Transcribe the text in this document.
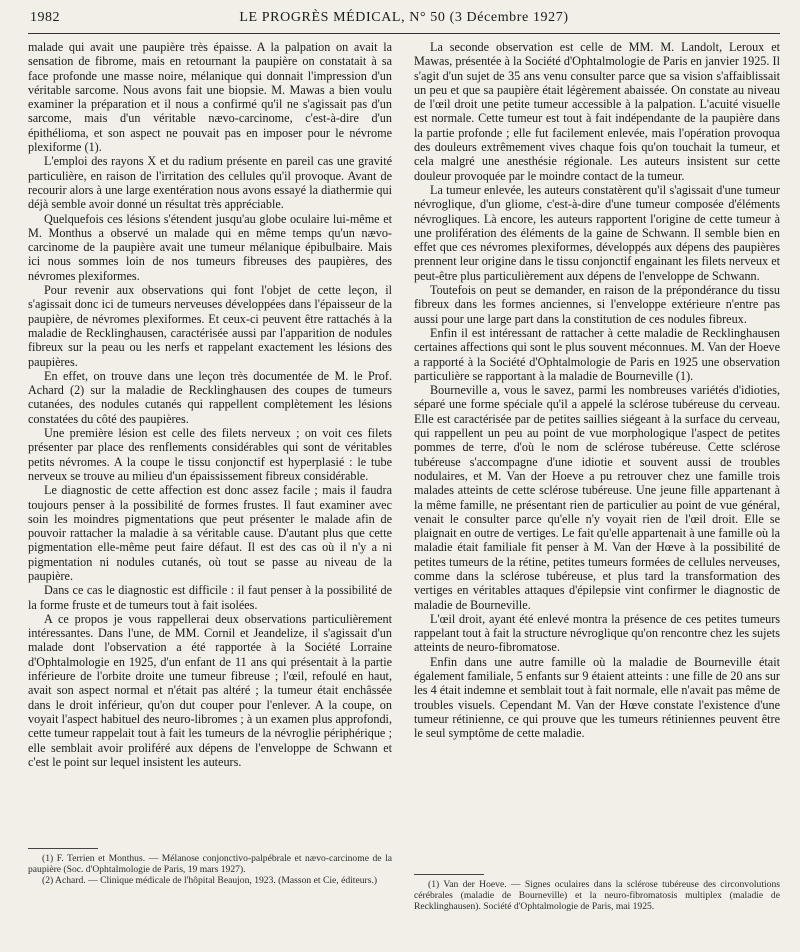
1982	LE PROGRÈS MÉDICAL, N° 50 (3 Décembre 1927)

malade qui avait une paupière très épaisse. A la palpation on avait la sensation de fibrome, mais en retournant la paupière on constatait à sa face profonde une masse noire, mélanique qui donnait l'impression d'un véritable sarcome. Nous avons fait une biopsie. M. Mawas a bien voulu examiner la préparation et il nous a confirmé qu'il ne s'agissait pas d'un sarcome, mais d'un véritable nævo-carcinome, c'est-à-dire d'un épithélioma, et son aspect ne pouvait pas en imposer pour le névrome plexiforme (1).

L'emploi des rayons X et du radium présente en pareil cas une gravité particulière, en raison de l'irritation des cellules qu'il provoque. Avant de recourir alors à une large exentération nous avons essayé la diathermie qui déjà semble avoir donné un résultat très appréciable.

Quelquefois ces lésions s'étendent jusqu'au globe oculaire lui-même et M. Monthus a observé un malade qui en même temps qu'un nævo-carcinome de la paupière avait une tumeur mélanique épibulbaire. Mais ici nous sommes loin de nos tumeurs fibreuses des paupières, des névromes plexiformes.

Pour revenir aux observations qui font l'objet de cette leçon, il s'agissait donc ici de tumeurs nerveuses développées dans l'épaisseur de la paupière, de névromes plexiformes. Et ceux-ci peuvent être rattachés à la maladie de Recklinghausen, caractérisée aussi par l'apparition de nodules fibreux sur la peau ou les nerfs et rappelant exactement les lésions des paupières.

En effet, on trouve dans une leçon très documentée de M. le Prof. Achard (2) sur la maladie de Recklinghausen des coupes de tumeurs cutanées, des nodules cutanés qui rappellent complètement les lésions constatées du côté des paupières.

Une première lésion est celle des filets nerveux ; on voit ces filets présenter par place des renflements considérables qui sont de véritables petits névromes. A la coupe le tissu conjonctif est hyperplasié : le tube nerveux se trouve au milieu d'un épaississement fibreux considérable.

Le diagnostic de cette affection est donc assez facile ; mais il faudra toujours penser à la possibilité de formes frustes. Il faut examiner avec soin les moindres pigmentations que peut présenter le malade afin de pouvoir rattacher la maladie à sa véritable cause. D'autant plus que cette pigmentation elle-même peut faire défaut. Il est des cas où il n'y a ni pigmentation ni nodules cutanés, où tout se passe au niveau de la paupière.

Dans ce cas le diagnostic est difficile : il faut penser à la possibilité de la forme fruste et de tumeurs tout à fait isolées.

A ce propos je vous rappellerai deux observations particulièrement intéressantes. Dans l'une, de MM. Cornil et Jeandelize, il s'agissait d'un malade dont l'observation a été rapportée à la Société Lorraine d'Ophtalmologie en 1925, d'un enfant de 11 ans qui présentait à la partie inférieure de l'orbite droite une tumeur fibreuse ; l'œil, refoulé en haut, avait son aspect normal et n'était pas altéré ; la tumeur était enchâssée dans le droit inférieur, qu'on dut couper pour l'enlever. A la coupe, on voyait l'aspect habituel des neuro-libromes ; à un examen plus approfondi, cette tumeur rappelait tout à fait les tumeurs de la névroglie périphérique ; elle semblait avoir proliféré aux dépens de l'enveloppe de Schwann et c'est le point sur lequel insistent les auteurs.

La seconde observation est celle de MM. M. Landolt, Leroux et Mawas, présentée à la Société d'Ophtalmologie de Paris en janvier 1925. Il s'agit d'un sujet de 35 ans venu consulter parce que sa vision s'affaiblissait un peu et que sa paupière était légèrement abaissée. On constate au niveau de l'œil droit une petite tumeur accessible à la palpation. L'acuité visuelle est normale. Cette tumeur est tout à fait indépendante de la paupière dans la partie profonde ; elle fut facilement enlevée, mais l'opération provoqua des douleurs extrêmement vives chaque fois qu'on touchait la tumeur, et cela malgré une anesthésie régionale. Les auteurs insistent sur cette douleur provoquée par le moindre contact de la tumeur.

La tumeur enlevée, les auteurs constatèrent qu'il s'agissait d'une tumeur névroglique, d'un gliome, c'est-à-dire d'une tumeur composée d'éléments névrogliques. Là encore, les auteurs rapportent l'origine de cette tumeur à une prolifération des éléments de la gaine de Schwann. Il semble bien en effet que ces névromes plexiformes, développés aux dépens des paupières prennent leur origine dans le tissu conjonctif engainant les filets nerveux et peut-être plus particulièrement aux dépens de l'enveloppe de Schwann.

Toutefois on peut se demander, en raison de la prépondérance du tissu fibreux dans les formes anciennes, si l'enveloppe extérieure n'entre pas aussi pour une large part dans la constitution de ces nodules fibreux.

Enfin il est intéressant de rattacher à cette maladie de Recklinghausen certaines affections qui sont le plus souvent méconnues. M. Van der Hoeve a rapporté à la Société d'Ophtalmologie de Paris en 1925 une observation particulière se rapportant à la maladie de Bourneville (1).

Bourneville a, vous le savez, parmi les nombreuses variétés d'idioties, séparé une forme spéciale qu'il a appelé la sclérose tubéreuse du cerveau. Elle est caractérisée par de petites saillies siégeant à la surface du cerveau, qui rappellent un peu au point de vue morphologique l'aspect de petites pommes de terre, d'où le nom de sclérose tubéreuse. Cette sclérose tubéreuse s'accompagne d'une idiotie et souvent aussi de troubles nodulaires, et M. Van der Hoeve a pu retrouver chez une famille trois malades atteints de cette sclérose tubéreuse. Une jeune fille appartenant à la même famille, ne présentant rien de particulier au point de vue général, venait le consulter parce qu'elle n'y voyait rien de l'œil droit. Elle se plaignait en outre de vertiges. Le fait qu'elle appartenait à une famille où la maladie était familiale fit penser à M. Van der Hœve à la possibilité de petites tumeurs de la rétine, petites tumeurs formées de cellules nerveuses, comme dans la sclérose tubéreuse, et plus tard la transformation des vertiges en véritables attaques d'épilepsie vint confirmer le diagnostic de maladie de Bourneville.

L'œil droit, ayant été enlevé montra la présence de ces petites tumeurs rappelant tout à fait la structure névroglique qu'on rencontre chez les sujets atteints de neuro-fibromatose.

Enfin dans une autre famille où la maladie de Bourneville était également familiale, 5 enfants sur 9 étaient atteints : une fille de 20 ans sur les 4 était indemne et semblait tout à fait normale, elle n'avait pas même de troubles visuels. Cependant M. Van der Hœve constate l'existence d'une tumeur rétinienne, ce qui prouve que les tumeurs rétiniennes peuvent être le seul symptôme de cette maladie.

(1) F. Terrien et Monthus. — Mélanose conjonctivo-palpébrale et nævo-carcinome de la paupière (Soc. d'Ophtalmologie de Paris, 19 mars 1927).

(2) Achard. — Clinique médicale de l'hôpital Beaujon, 1923. (Masson et Cie, éditeurs.)	(1) Van der Hoeve. — Signes oculaires dans la sclérose tubéreuse des circonvolutions cérébrales (maladie de Bourneville) et la neuro-fibromatosis multiplex (maladie de Recklinghausen). Société d'Ophtalmologie de Paris, mai 1925.
